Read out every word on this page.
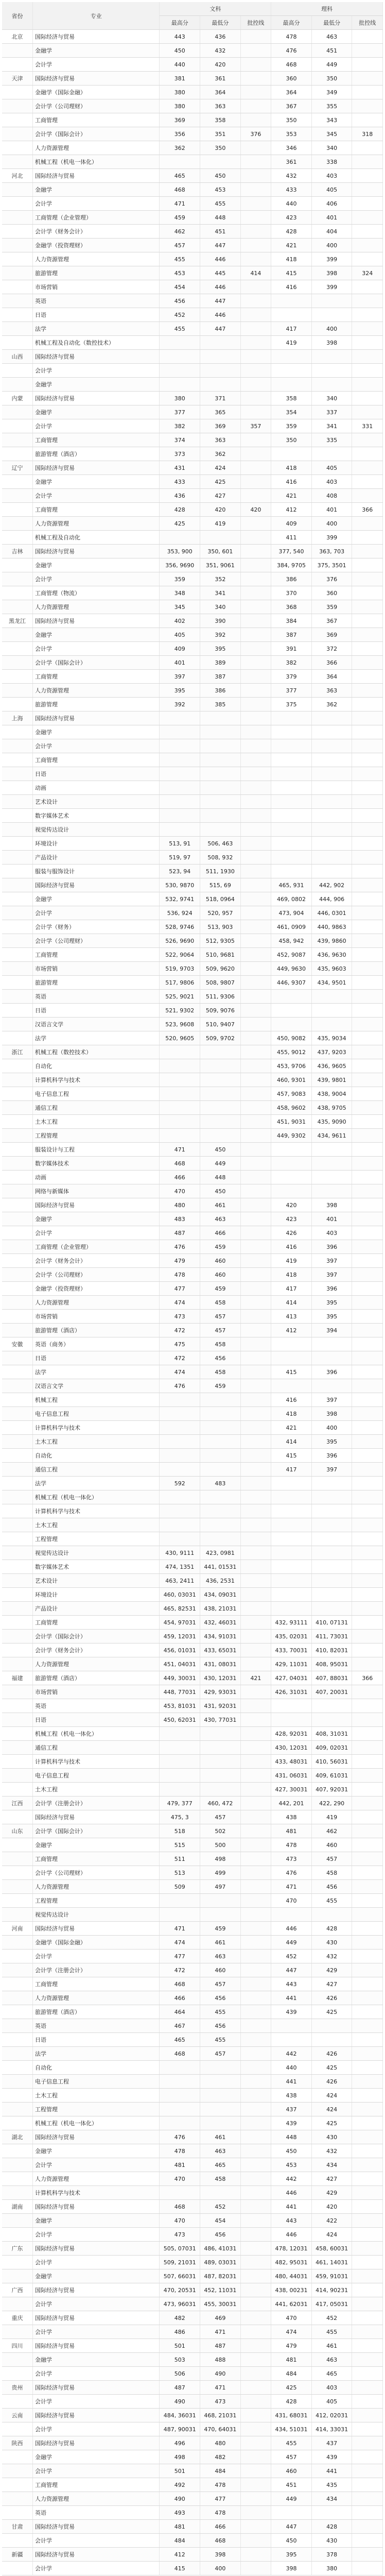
省份	专业	文科			理科		
		最高分	最低分	批控线	最高分	最低分	批控线
北京	国际经济与贸易	443	436		478	463	
	金融学	450	432		476	451	
	会计学	440	420		468	449	
天津	国际经济与贸易	381	361		360	350	
	金融学（国际金融）	380	364		364	349	
	会计学（公司理财）	380	363		367	355	
	工商管理	369	358		350	343	
	会计学（国际会计）	356	351	376	353	345	318
	人力资源管理	362	350		346	340	
	机械工程（机电一体化）				361	338	
河北	国际经济与贸易	465	450		432	403	
	金融学	468	453		433	405	
	会计学	471	455		440	406	
	工商管理（企业管理）	459	448		423	401	
	会计学（财务会计）	462	451		428	404	
	金融学（投资理财）	457	447		421	400	
	人力资源管理	455	446		418	399	
	旅游管理	453	445	414	415	398	324
	市场营销	454	446		416	399	
	英语	456	447				
	日语	452	446				
	法学	455	447		417	400	
	机械工程及自动化（数控技术）				419	398	
山西	国际经济与贸易						
	会计学						
	金融学						
内蒙	国际经济与贸易	380	371		358	340	
	金融学	377	365		354	337	
	会计学	382	369	357	359	341	331
	工商管理	374	363		350	335	
	旅游管理（酒店）	373	362				
辽宁	国际经济与贸易	431	424		418	405	
	金融学	433	425		416	403	
	会计学	436	427		421	408	
	工商管理	428	420	420	412	401	366
	人力资源管理	425	419		409	400	
	机械工程及自动化				411	399	
吉林	国际经济与贸易	353, 900	350, 601		377, 540	363, 703	
	金融学	356, 9690	351, 9061		384, 9705	375, 3501	
	会计学	359	352		386	376	
	工商管理（物流）	348	341		370	360	
	人力资源管理	345	340		368	359	
黑龙江	国际经济与贸易	402	390		384	367	
	金融学	405	392		387	369	
	会计学	409	395		391	372	
	会计学（国际会计）	401	389		382	366	
	工商管理	397	387		379	364	
	人力资源管理	395	386		377	363	
	旅游管理	392	385		375	362	
上海	国际经济与贸易						
	金融学						
	会计学						
	工商管理						
	日语						
	动画						
	艺术设计						
	数字媒体艺术						
	视觉传达设计						
	环境设计	513, 91	506, 463				
	产品设计	519, 97	508, 932				
	服装与服饰设计	523, 94	511, 1930				
	国际经济与贸易	530, 9870	515, 69		465, 931	442, 902	
	金融学	532, 9741	518, 0964		469, 0802	444, 906	
	会计学	536, 924	520, 957		473, 904	446, 0301	
	会计学（财务）	528, 9746	513, 903		461, 0909	440, 9863	
	会计学（公司理财）	526, 9690	512, 9305		458, 942	439, 9860	
	工商管理	522, 9064	510, 9681		452, 9087	436, 9630	
	市场营销	519, 9703	509, 9620		449, 9630	435, 9603	
	旅游管理	517, 9806	508, 9807		446, 9307	434, 9501	
	英语	525, 9021	511, 9306				
	日语	521, 9302	509, 9076				
	汉语言文学	523, 9608	510, 9407				
	法学	520, 9605	509, 9702		450, 9082	435, 9034	
浙江	机械工程（数控技术）				455, 9012	437, 9203	
	自动化				453, 9706	436, 9605	
	计算机科学与技术				460, 9301	439, 9801	
	电子信息工程				457, 9083	438, 9004	
	通信工程				458, 9602	438, 9705	
	土木工程				451, 9031	435, 9090	
	工程管理				449, 9302	434, 9611	
	服装设计与工程	471	450				
	数字媒体技术	468	449				
	动画	466	448				
	网络与新媒体	470	450				
	国际经济与贸易	480	461		420	398	
	金融学	483	463		423	401	
	会计学	487	466		426	403	
	工商管理（企业管理）	476	459		416	396	
	会计学（财务会计）	479	460		419	397	
	会计学（公司理财）	478	460		418	397	
	金融学（投资理财）	477	459		417	396	
	人力资源管理	474	458		414	395	
	市场营销	473	457		413	395	
	旅游管理（酒店）	472	457		412	394	
安徽	英语（商务）	475	458				
	日语	472	456				
	法学	474	458		415	396	
	汉语言文学	476	459				
	机械工程				416	397	
	电子信息工程				418	398	
	计算机科学与技术				421	400	
	土木工程				414	395	
	自动化				415	396	
	通信工程				417	397	
	法学	592	483				
	机械工程（机电一体化）						
	计算机科学与技术						
	土木工程						
	工程管理						
	视觉传达设计	430, 9111	423, 0981				
	数字媒体艺术	474, 1351	441, 01531				
	艺术设计	463, 2411	436, 2531				
	环境设计	460, 03031	434, 09031				
	产品设计	465, 82531	438, 21031				
	工商管理	454, 97031	432, 46031		432, 93111	410, 07131	
	会计学（国际会计）	459, 12031	434, 91031		435, 02031	411, 73031	
	会计学（财务会计）	456, 01031	433, 65031		433, 70031	410, 82031	
	人力资源管理	451, 04031	431, 08031		429, 11031	408, 95031	
福建	旅游管理（酒店）	449, 30031	430, 12031	421	427, 04031	407, 88031	366
	市场营销	448, 77031	429, 93031		426, 31031	407, 20031	
	英语	453, 81031	431, 92031				
	日语	450, 62031	430, 77031				
	机械工程（机电一体化）				428, 92031	408, 31031	
	通信工程				430, 12031	409, 02031	
	计算机科学与技术				433, 48031	410, 56031	
	电子信息工程				431, 06031	409, 61031	
	土木工程				427, 30031	407, 92031	
江西	会计学（注册会计）	479, 377	460, 472		442, 201	422, 290	
	国际经济与贸易	475, 3	457		438	419	
山东	会计学（国际会计）	518	502		481	462	
	金融学	515	500		478	460	
	工商管理	511	498		473	457	
	会计学（公司理财）	513	499		476	458	
	人力资源管理	509	497		471	456	
	工程管理				470	455	
	视觉传达设计						
河南	国际经济与贸易	471	459		446	428	
	金融学（国际金融）	474	461		449	430	
	会计学	477	463		452	432	
	会计学（注册会计）	472	460		447	429	
	工商管理	468	457		443	427	
	人力资源管理	466	456		441	426	
	旅游管理（酒店）	464	455		439	425	
	英语	467	456				
	日语	465	455				
	法学	468	457		442	426	
	自动化				440	425	
	电子信息工程				441	426	
	土木工程				438	424	
	工程管理				437	424	
	机械工程（机电一体化）				439	425	
湖北	国际经济与贸易	476	461		448	430	
	金融学	478	463		450	432	
	会计学	481	465		453	434	
	人力资源管理	470	458		442	427	
	计算机科学与技术				446	429	
湖南	国际经济与贸易	468	452		441	420	
	金融学	470	454		443	422	
	会计学	473	456		446	424	
广东	国际经济与贸易	505, 07031	486, 41031		478, 12031	458, 60031	
	会计学	509, 21031	489, 03031		482, 95031	461, 14031	
	金融学	507, 66031	487, 82031		480, 44031	459, 91031	
广西	国际经济与贸易	470, 20531	452, 11031		438, 00231	414, 90231	
	会计学	473, 96031	455, 30031		441, 62031	417, 05031	
重庆	国际经济与贸易	482	469		470	452	
	会计学	486	471		474	455	
四川	国际经济与贸易	501	487		479	461	
	金融学	503	488		481	463	
	会计学	506	490		484	465	
贵州	国际经济与贸易	487	471		425	403	
	会计学	490	473		428	405	
云南	国际经济与贸易	484, 36031	468, 21031		431, 68031	412, 02031	
	会计学	487, 90031	470, 64031		434, 51031	414, 33031	
陕西	国际经济与贸易	496	480		455	437	
	金融学	498	482		457	439	
	会计学	501	484		460	441	
	工商管理	492	478		451	435	
	人力资源管理	490	477		449	434	
	英语	493	478				
甘肃	国际经济与贸易	481	466		447	428	
	会计学	484	468		450	430	
新疆	国际经济与贸易	412	398		395	378	
	会计学	415	400		398	380	
